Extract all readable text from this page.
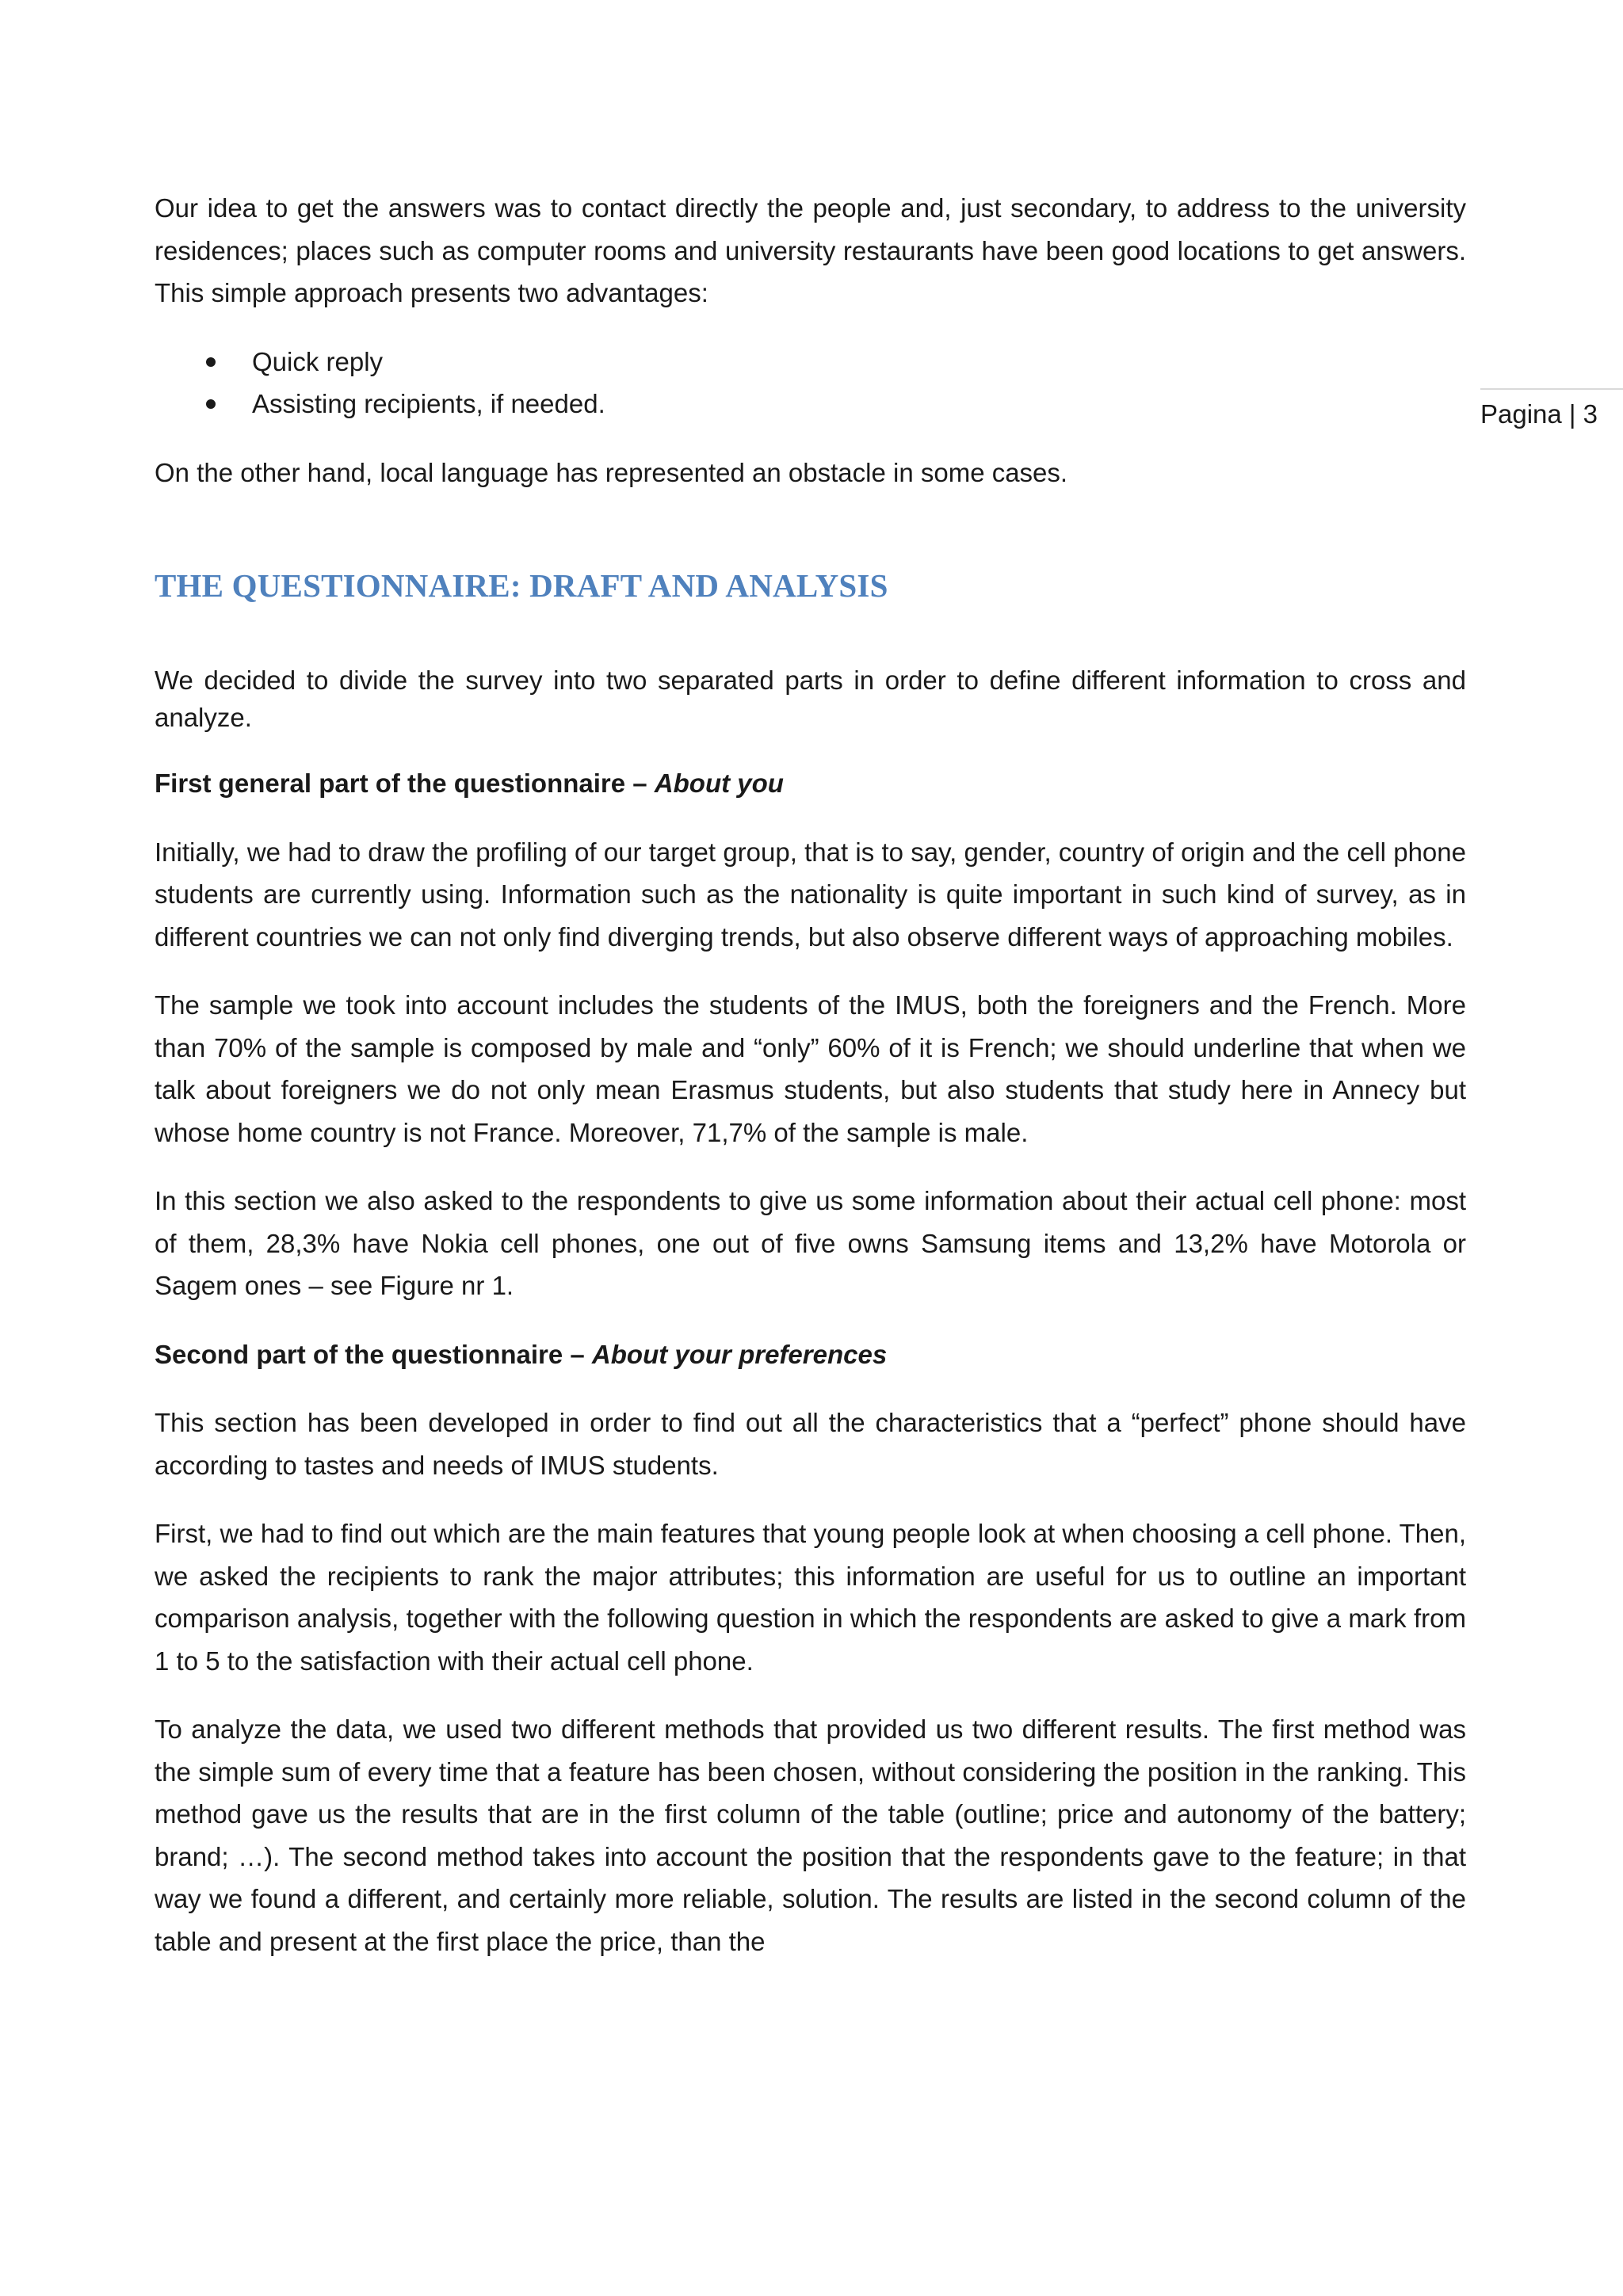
Pagina | 3

Our idea to get the answers was to contact directly the people and, just secondary, to address to the university residences; places such as computer rooms and university restaurants have been good locations to get answers. This simple approach presents two advantages:

Quick reply
Assisting recipients, if needed.

On the other hand, local language has represented an obstacle in some cases.

THE QUESTIONNAIRE: DRAFT AND ANALYSIS

We decided to divide the survey into two separated parts in order to define different information to cross and analyze.

First general part of the questionnaire – About you

Initially, we had to draw the profiling of our target group, that is to say, gender, country of origin and the cell phone students are currently using. Information such as the nationality is quite important in such kind of survey, as in different countries we can not only find diverging trends, but also observe different ways of approaching mobiles.

The sample we took into account includes the students of the IMUS, both the foreigners and the French. More than 70% of the sample is composed by male and “only” 60% of it is French; we should underline that when we talk about foreigners we do not only mean Erasmus students, but also students that study here in Annecy but whose home country is not France. Moreover, 71,7% of the sample is male.

In this section we also asked to the respondents to give us some information about their actual cell phone: most of them, 28,3% have Nokia cell phones, one out of five owns Samsung items and 13,2% have Motorola or Sagem ones – see Figure nr 1.

Second part of the questionnaire – About your preferences

This section has been developed in order to find out all the characteristics that a “perfect” phone should have according to tastes and needs of IMUS students.

First, we had to find out which are the main features that young people look at when choosing a cell phone. Then, we asked the recipients to rank the major attributes; this information are useful for us to outline an important comparison analysis, together with the following question in which the respondents are asked to give a mark from 1 to 5 to the satisfaction with their actual cell phone.

To analyze the data, we used two different methods that provided us two different results. The first method was the simple sum of every time that a feature has been chosen, without considering the position in the ranking. This method gave us the results that are in the first column of the table (outline; price and autonomy of the battery; brand; …). The second method takes into account the position that the respondents gave to the feature; in that way we found a different, and certainly more reliable, solution. The results are listed in the second column of the table and present at the first place the price, than the
